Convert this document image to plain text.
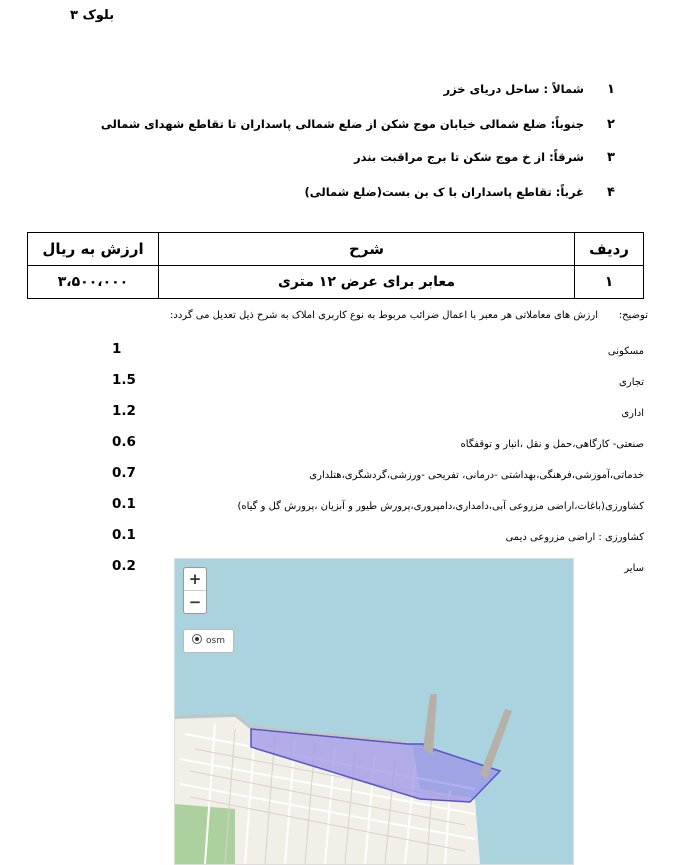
بلوک ۳
۱
شمالاً : ساحل دریای خزر
۲
جنوباً: ضلع شمالی خیابان موج شکن از ضلع شمالی پاسداران تا تقاطع شهدای شمالی
۳
شرقاً: از خ موج شکن تا برج مراقبت بندر
۴
غرباً: تقاطع پاسداران با ک بن بست(ضلع شمالی)
ردیف	شرح	ارزش به ریال
۱	معابر برای عرض ۱۲ متری	۳،۵۰۰،۰۰۰
توضیح:ارزش های معاملاتی هر معبر با اعمال ضرائب مربوط به نوع کاربری املاک به شرح ذیل تعدیل می گردد:
1	مسکونی
1.5	تجاری
1.2	اداری
0.6	صنعتی- کارگاهی،حمل و نقل ،انبار و توقفگاه
0.7	خدماتی،آموزشی،فرهنگی،بهداشتی -درمانی، تفریحی -ورزشی،گردشگری،هتلداری
0.1	کشاورزی(باغات،اراضی مزروعی آبی،دامداری،دامپروری،پرورش طیور و آبزیان ،پرورش گل و گیاه)
0.1	کشاورزی : اراضی مزروعی دیمی
0.2	سایر
+
−
osm
